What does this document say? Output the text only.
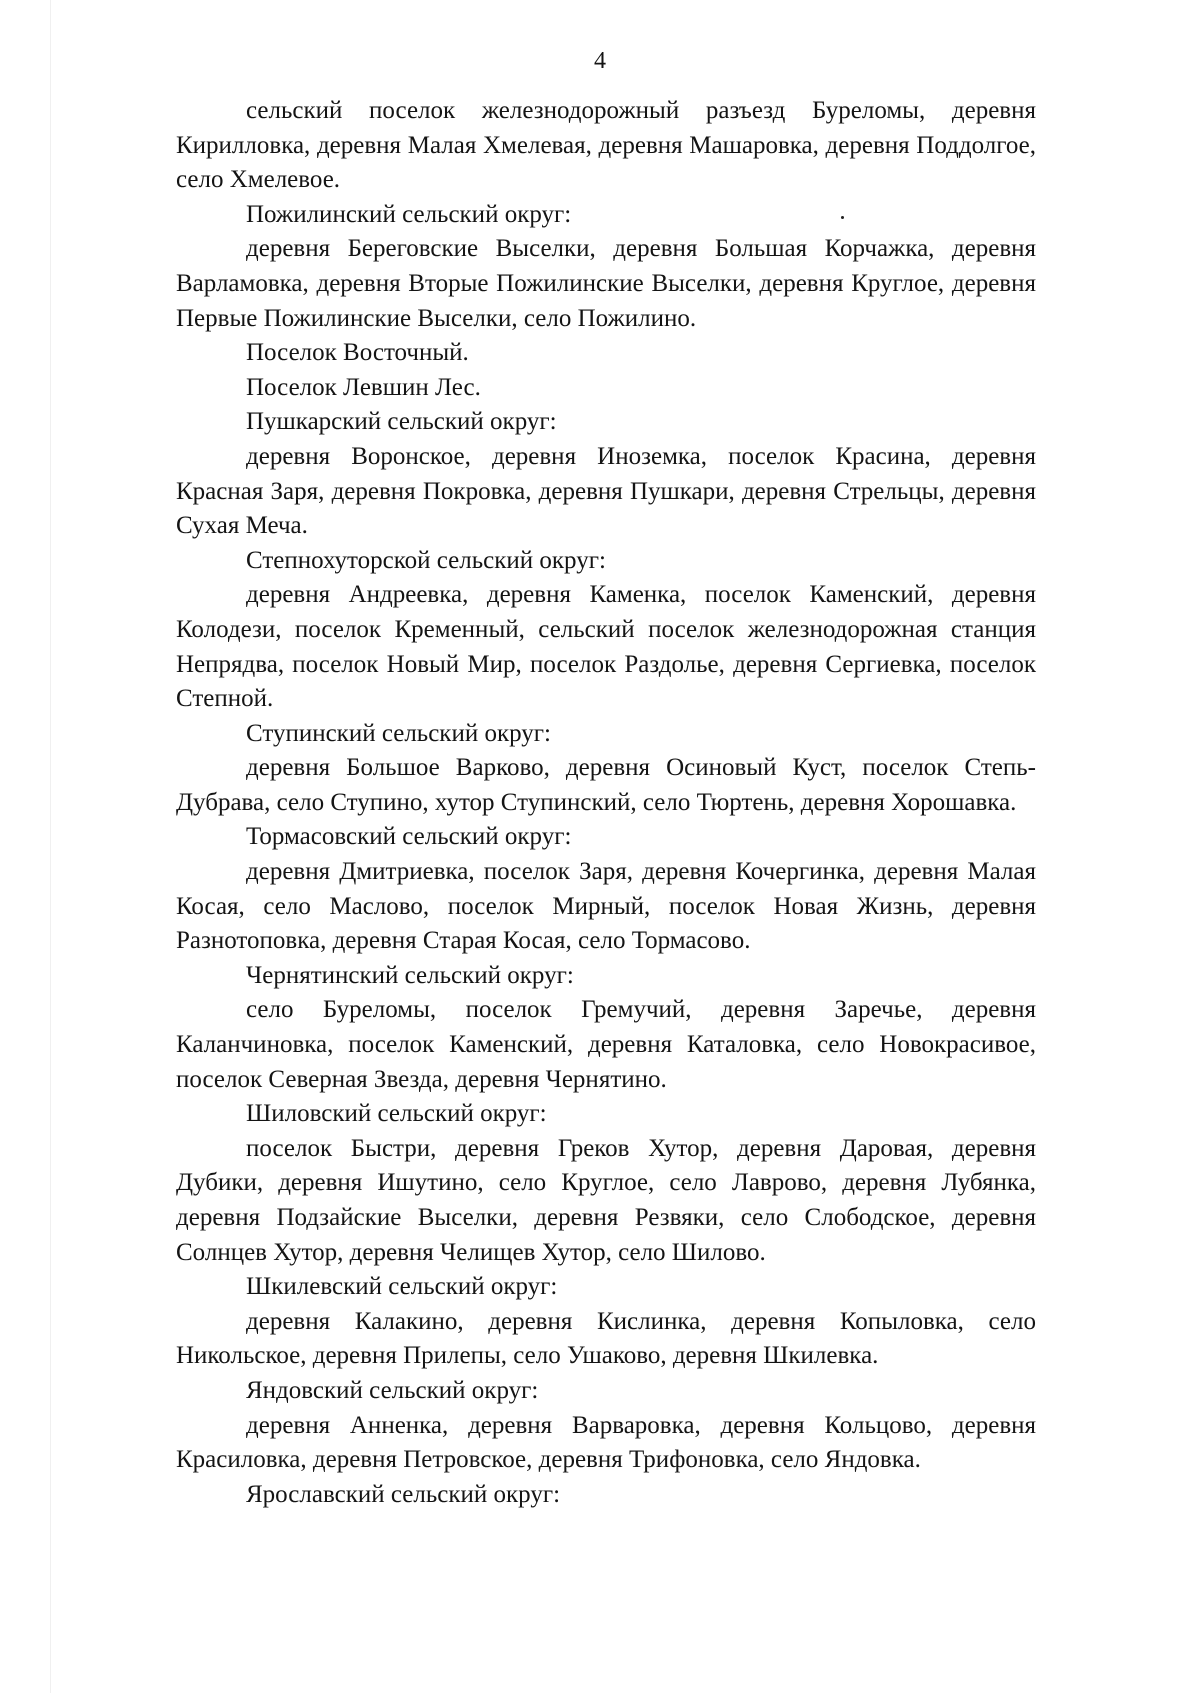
4

сельский поселок железнодорожный разъезд Буреломы, деревня Кирилловка, деревня Малая Хмелевая, деревня Машаровка, деревня Поддолгое, село Хмелевое.

Пожилинский сельский округ:

деревня Береговские Выселки, деревня Большая Корчажка, деревня Варламовка, деревня Вторые Пожилинские Выселки, деревня Круглое, деревня Первые Пожилинские Выселки, село Пожилино.

Поселок Восточный.

Поселок Левшин Лес.

Пушкарский сельский округ:

деревня Воронское, деревня Иноземка, поселок Красина, деревня Красная Заря, деревня Покровка, деревня Пушкари, деревня Стрельцы, деревня Сухая Меча.

Степнохуторской сельский округ:

деревня Андреевка, деревня Каменка, поселок Каменский, деревня Колодези, поселок Кременный, сельский поселок железнодорожная станция Непрядва, поселок Новый Мир, поселок Раздолье, деревня Сергиевка, поселок Степной.

Ступинский сельский округ:

деревня Большое Варково, деревня Осиновый Куст, поселок Степь-Дубрава, село Ступино, хутор Ступинский, село Тюртень, деревня Хорошавка.

Тормасовский сельский округ:

деревня Дмитриевка, поселок Заря, деревня Кочергинка, деревня Малая Косая, село Маслово, поселок Мирный, поселок Новая Жизнь, деревня Разнотоповка, деревня Старая Косая, село Тормасово.

Чернятинский сельский округ:

село Буреломы, поселок Гремучий, деревня Заречье, деревня Каланчиновка, поселок Каменский, деревня Каталовка, село Новокрасивое, поселок Северная Звезда, деревня Чернятино.

Шиловский сельский округ:

поселок Быстри, деревня Греков Хутор, деревня Даровая, деревня Дубики, деревня Ишутино, село Круглое, село Лаврово, деревня Лубянка, деревня Подзайские Выселки, деревня Резвяки, село Слободское, деревня Солнцев Хутор, деревня Челищев Хутор, село Шилово.

Шкилевский сельский округ:

деревня Калакино, деревня Кислинка, деревня Копыловка, село Никольское, деревня Прилепы, село Ушаково, деревня Шкилевка.

Яндовский сельский округ:

деревня Анненка, деревня Варваровка, деревня Кольцово, деревня Красиловка, деревня Петровское, деревня Трифоновка, село Яндовка.

Ярославский сельский округ:
